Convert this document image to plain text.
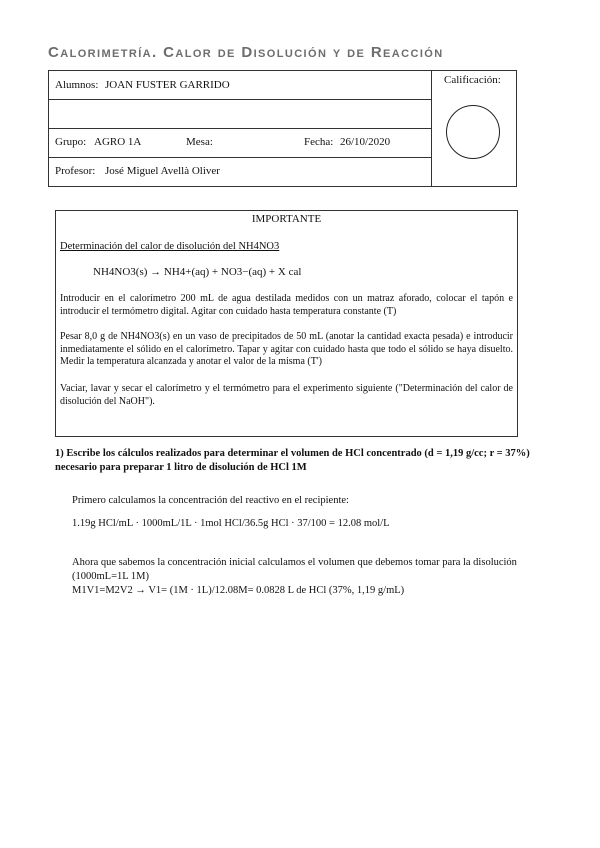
Calorimetría. Calor de Disolución y de Reacción
Alumnos: JOAN FUSTER GARRIDO
Grupo: AGRO 1A	Mesa:	Fecha: 26/10/2020
Profesor: José Miguel Avellà Oliver
Calificación:
IMPORTANTE
Determinación del calor de disolución del NH4NO3
NH4NO3(s) → NH4+(aq) + NO3−(aq) + X cal
Introducir en el calorímetro 200 mL de agua destilada medidos con un matraz aforado, colocar el tapón e introducir el termómetro digital. Agitar con cuidado hasta temperatura constante (T)
Pesar 8,0 g de NH4NO3(s) en un vaso de precipitados de 50 mL (anotar la cantidad exacta pesada) e introducir inmediatamente el sólido en el calorímetro. Tapar y agitar con cuidado hasta que todo el sólido se haya disuelto. Medir la temperatura alcanzada y anotar el valor de la misma (T')
Vaciar, lavar y secar el calorímetro y el termómetro para el experimento siguiente ("Determinación del calor de disolución del NaOH").
1) Escribe los cálculos realizados para determinar el volumen de HCl concentrado (d = 1,19 g/cc; r = 37%) necesario para preparar 1 litro de disolución de HCl 1M
Primero calculamos la concentración del reactivo en el recipiente:
1.19g HCl/mL · 1000mL/1L · 1mol HCl/36.5g HCl · 37/100 = 12.08 mol/L
Ahora que sabemos la concentración inicial calculamos el volumen que debemos tomar para la disolución
(1000mL=1L 1M)
M1V1=M2V2 → V1= (1M · 1L)/12.08M= 0.0828 L de HCl (37%, 1,19 g/mL)
